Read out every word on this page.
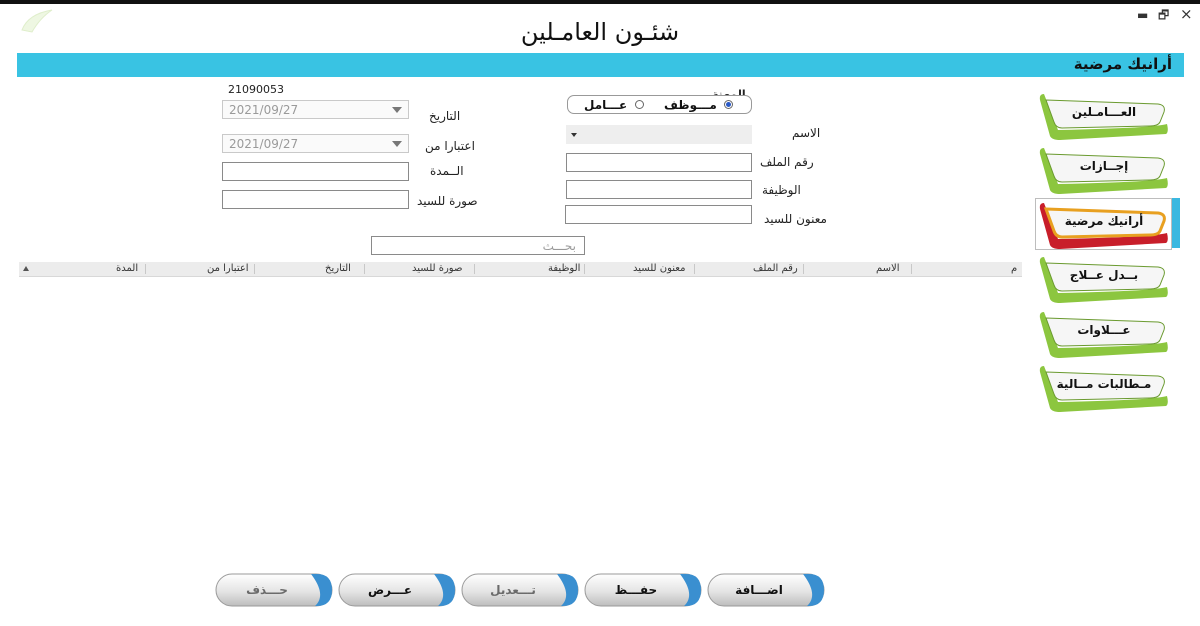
▬ 🗗 ×
شئـون العامـلين
أرانيك مرضية
21090053
2021/09/27	التاريخ
2021/09/27	اعتبارا من
الــمدة
صورة للسيد
مـــوظف
عـــامل
الاسم
رقم الملف
الوظيفة
معنون للسيد
بحـــث
م
الاسم
رقم الملف
معنون للسيد
الوظيفة
صورة للسيد
التاريخ
اعتبارا من
المدة
العـــامـلين
إجــازات
أرانيك مرضية
بــدل عــلاج
عـــلاوات
مـطالبات مــالية
اضـــافة
حفـــظ
تـــعديل
عـــرض
حـــذف
